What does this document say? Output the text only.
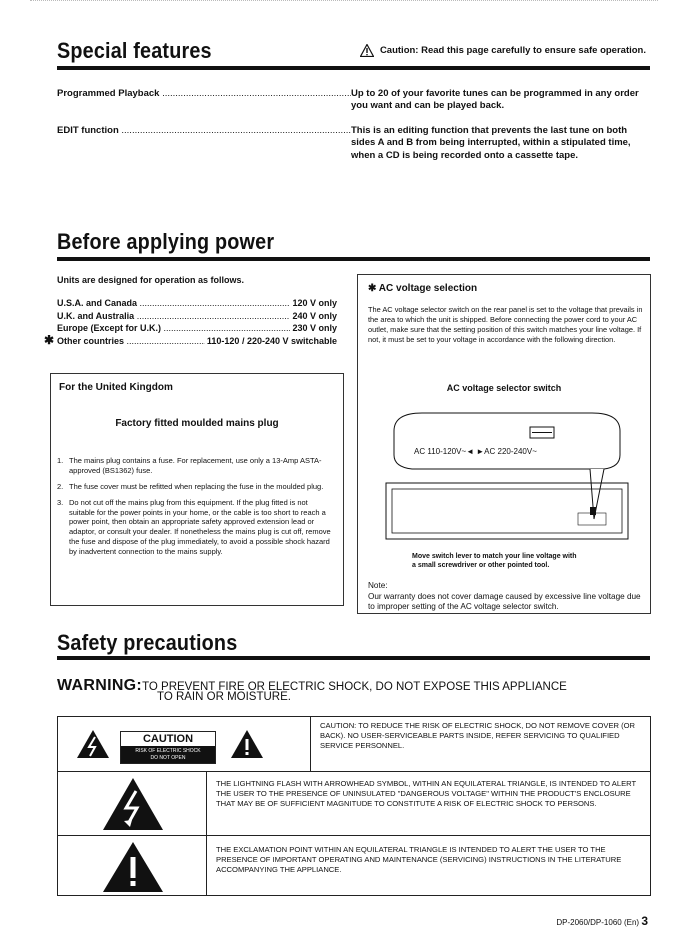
Special features	Caution: Read this page carefully to ensure safe operation.
Programmed Playback .....	Up to 20 of your favorite tunes can be programmed in any order you want and can be played back.
EDIT function .....	This is an editing function that prevents the last tune on both sides A and B from being interrupted, within a stipulated time, when a CD is being recorded onto a cassette tape.
Before applying power
Units are designed for operation as follows.
U.S.A. and Canada .....	120 V only
U.K. and Australia .....	240 V only
Europe (Except for U.K.) .....	230 V only
Other countries .....	110-120 / 220-240 V switchable
✱
For the United Kingdom
Factory fitted moulded mains plug
1. The mains plug contains a fuse. For replacement, use only a 13-Amp ASTA-approved (BS1362) fuse.
2. The fuse cover must be refitted when replacing the fuse in the moulded plug.
3. Do not cut off the mains plug from this equipment. If the plug fitted is not suitable for the power points in your home, or the cable is too short to reach a power point, then obtain an appropriate safety approved extension lead or adaptor, or consult your dealer. If nonetheless the mains plug is cut off, remove the fuse and dispose of the plug immediately, to avoid a possible shock hazard by inadvertent connection to the mains supply.
✱ AC voltage selection
The AC voltage selector switch on the rear panel is set to the voltage that prevails in the area to which the unit is shipped. Before connecting the power cord to your AC outlet, make sure that the setting position of this switch matches your line voltage. If not, it must be set to your voltage in accordance with the following direction.
AC voltage selector switch
AC 110-120V~◄ ►AC 220-240V~
Move switch lever to match your line voltage with
a small screwdriver or other pointed tool.
Note:
Our warranty does not cover damage caused by excessive line voltage due to improper setting of the AC voltage selector switch.
Safety precautions
WARNING:TO PREVENT FIRE OR ELECTRIC SHOCK, DO NOT EXPOSE THIS APPLIANCE
TO RAIN OR MOISTURE.
CAUTION
RISK OF ELECTRIC SHOCK
DO NOT OPEN
CAUTION: TO REDUCE THE RISK OF ELECTRIC SHOCK, DO NOT REMOVE COVER (OR BACK). NO USER-SERVICEABLE PARTS INSIDE, REFER SERVICING TO QUALIFIED SERVICE PERSONNEL.
THE LIGHTNING FLASH WITH ARROWHEAD SYMBOL, WITHIN AN EQUILATERAL TRIANGLE, IS INTENDED TO ALERT THE USER TO THE PRESENCE OF UNINSULATED "DANGEROUS VOLTAGE" WITHIN THE PRODUCT'S ENCLOSURE THAT MAY BE OF SUFFICIENT MAGNITUDE TO CONSTITUTE A RISK OF ELECTRIC SHOCK TO PERSONS.
THE EXCLAMATION POINT WITHIN AN EQUILATERAL TRIANGLE IS INTENDED TO ALERT THE USER TO THE PRESENCE OF IMPORTANT OPERATING AND MAINTENANCE (SERVICING) INSTRUCTIONS IN THE LITERATURE ACCOMPANYING THE APPLIANCE.
DP-2060/DP-1060 (En) 3
